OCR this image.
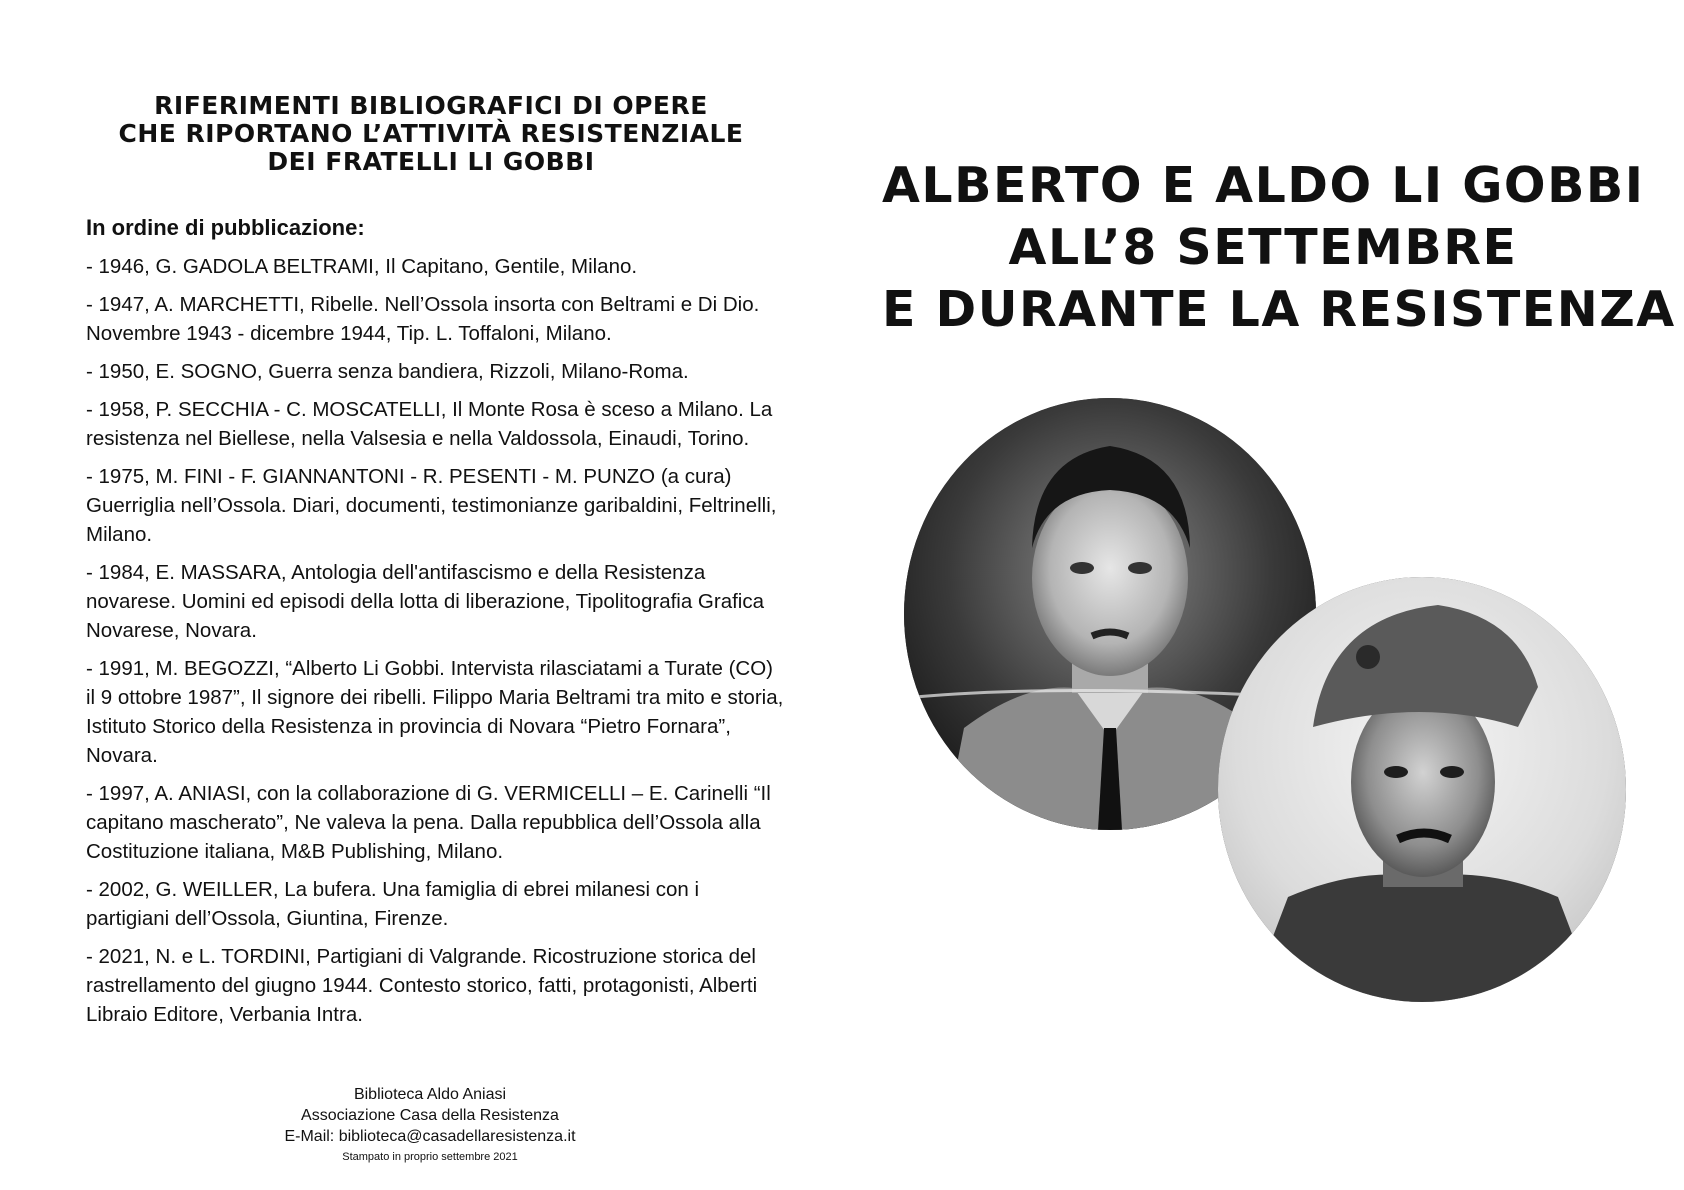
RIFERIMENTI BIBLIOGRAFICI DI OPERE
CHE RIPORTANO L’ATTIVITÀ RESISTENZIALE
DEI FRATELLI LI GOBBI
In ordine di pubblicazione:

- 1946, G. GADOLA BELTRAMI, Il Capitano, Gentile, Milano.

- 1947, A. MARCHETTI, Ribelle. Nell’Ossola insorta con Beltrami e Di Dio. Novembre 1943 - dicembre 1944, Tip. L. Toffaloni, Milano.

- 1950, E. SOGNO, Guerra senza bandiera, Rizzoli, Milano-Roma.

- 1958, P. SECCHIA - C. MOSCATELLI, Il Monte Rosa è sceso a Milano. La resistenza nel Biellese, nella Valsesia e nella Valdossola, Einaudi, Torino.

- 1975, M. FINI - F. GIANNANTONI - R. PESENTI - M. PUNZO (a cura) Guerriglia nell’Ossola. Diari, documenti, testimonianze garibaldini, Feltrinelli, Milano.

- 1984, E. MASSARA, Antologia dell'antifascismo e della Resistenza novarese. Uomini ed episodi della lotta di liberazione, Tipolitografia Grafica Novarese, Novara.

- 1991, M. BEGOZZI, “Alberto Li Gobbi. Intervista rilasciatami a Turate (CO) il 9 ottobre 1987”, Il signore dei ribelli. Filippo Maria Beltrami tra mito e storia, Istituto Storico della Resistenza in provincia di Novara “Pietro Fornara”, Novara.

- 1997, A. ANIASI, con la collaborazione di G. VERMICELLI – E. Carinelli “Il capitano mascherato”, Ne valeva la pena. Dalla repubblica dell’Ossola alla Costituzione italiana, M&B Publishing, Milano.

- 2002, G. WEILLER, La bufera. Una famiglia di ebrei milanesi con i partigiani dell’Ossola, Giuntina, Firenze.

- 2021, N. e L. TORDINI, Partigiani di Valgrande. Ricostruzione storica del rastrellamento del giugno 1944. Contesto storico, fatti, protagonisti, Alberti Libraio Editore, Verbania Intra.

Biblioteca Aldo Aniasi
Associazione Casa della Resistenza
E-Mail: biblioteca@casadellaresistenza.it
Stampato in proprio settembre 2021
ALBERTO E ALDO LI GOBBI
ALL’8 SETTEMBRE
E DURANTE LA RESISTENZA
